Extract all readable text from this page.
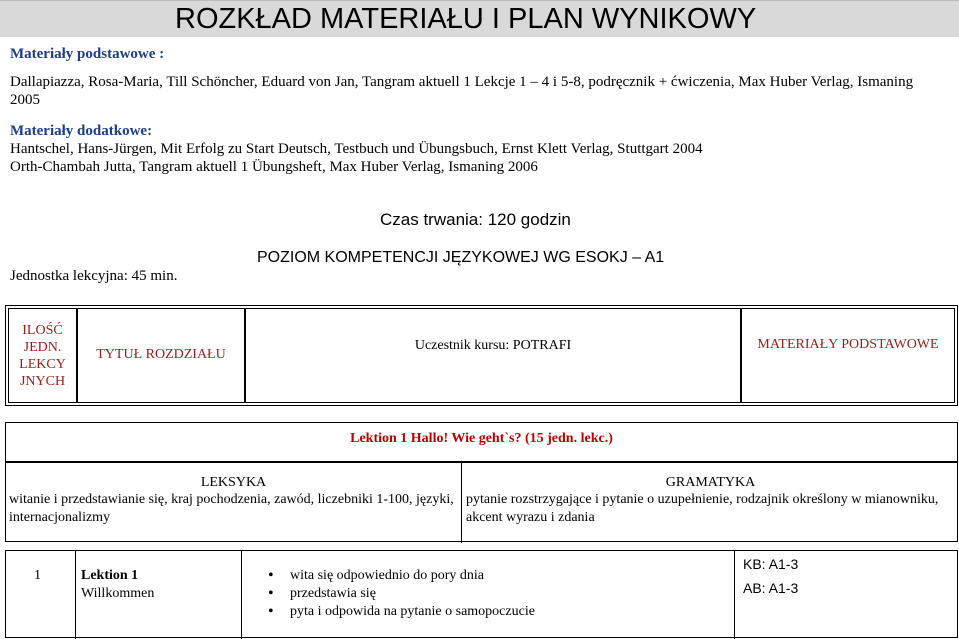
ROZKŁAD MATERIAŁU I PLAN WYNIKOWY
Materiały podstawowe :
Dallapiazza, Rosa-Maria, Till Schöncher, Eduard von Jan, Tangram aktuell 1 Lekcje 1 – 4 i 5-8, podręcznik + ćwiczenia, Max Huber Verlag, Ismaning
2005
Materiały dodatkowe:
Hantschel, Hans-Jürgen, Mit Erfolg zu Start Deutsch, Testbuch und Übungsbuch, Ernst Klett Verlag, Stuttgart 2004
Orth-Chambah Jutta, Tangram aktuell 1 Übungsheft, Max Huber Verlag, Ismaning 2006
Czas trwania: 120 godzin
Jednostka lekcyjna: 45 min.
POZIOM KOMPETENCJI JĘZYKOWEJ WG ESOKJ – A1
ILOŚĆ JEDN. LEKCY JNYCH
TYTUŁ ROZDZIAŁU
Uczestnik kursu: POTRAFI	MATERIAŁY PODSTAWOWE
Lektion 1 Hallo! Wie geht`s? (15 jedn. lekc.)
LEKSYKA
witanie i przedstawianie się, kraj pochodzenia, zawód, liczebniki 1-100, języki, internacjonalizmy
GRAMATYKA
pytanie rozstrzygające i pytanie o uzupełnienie, rodzajnik określony w mianowniku, akcent wyrazu i zdania
1	Lektion 1
Willkommen
• wita się odpowiednio do pory dnia
• przedstawia się
• pyta i odpowida na pytanie o samopoczucie
KB: A1-3
AB: A1-3
